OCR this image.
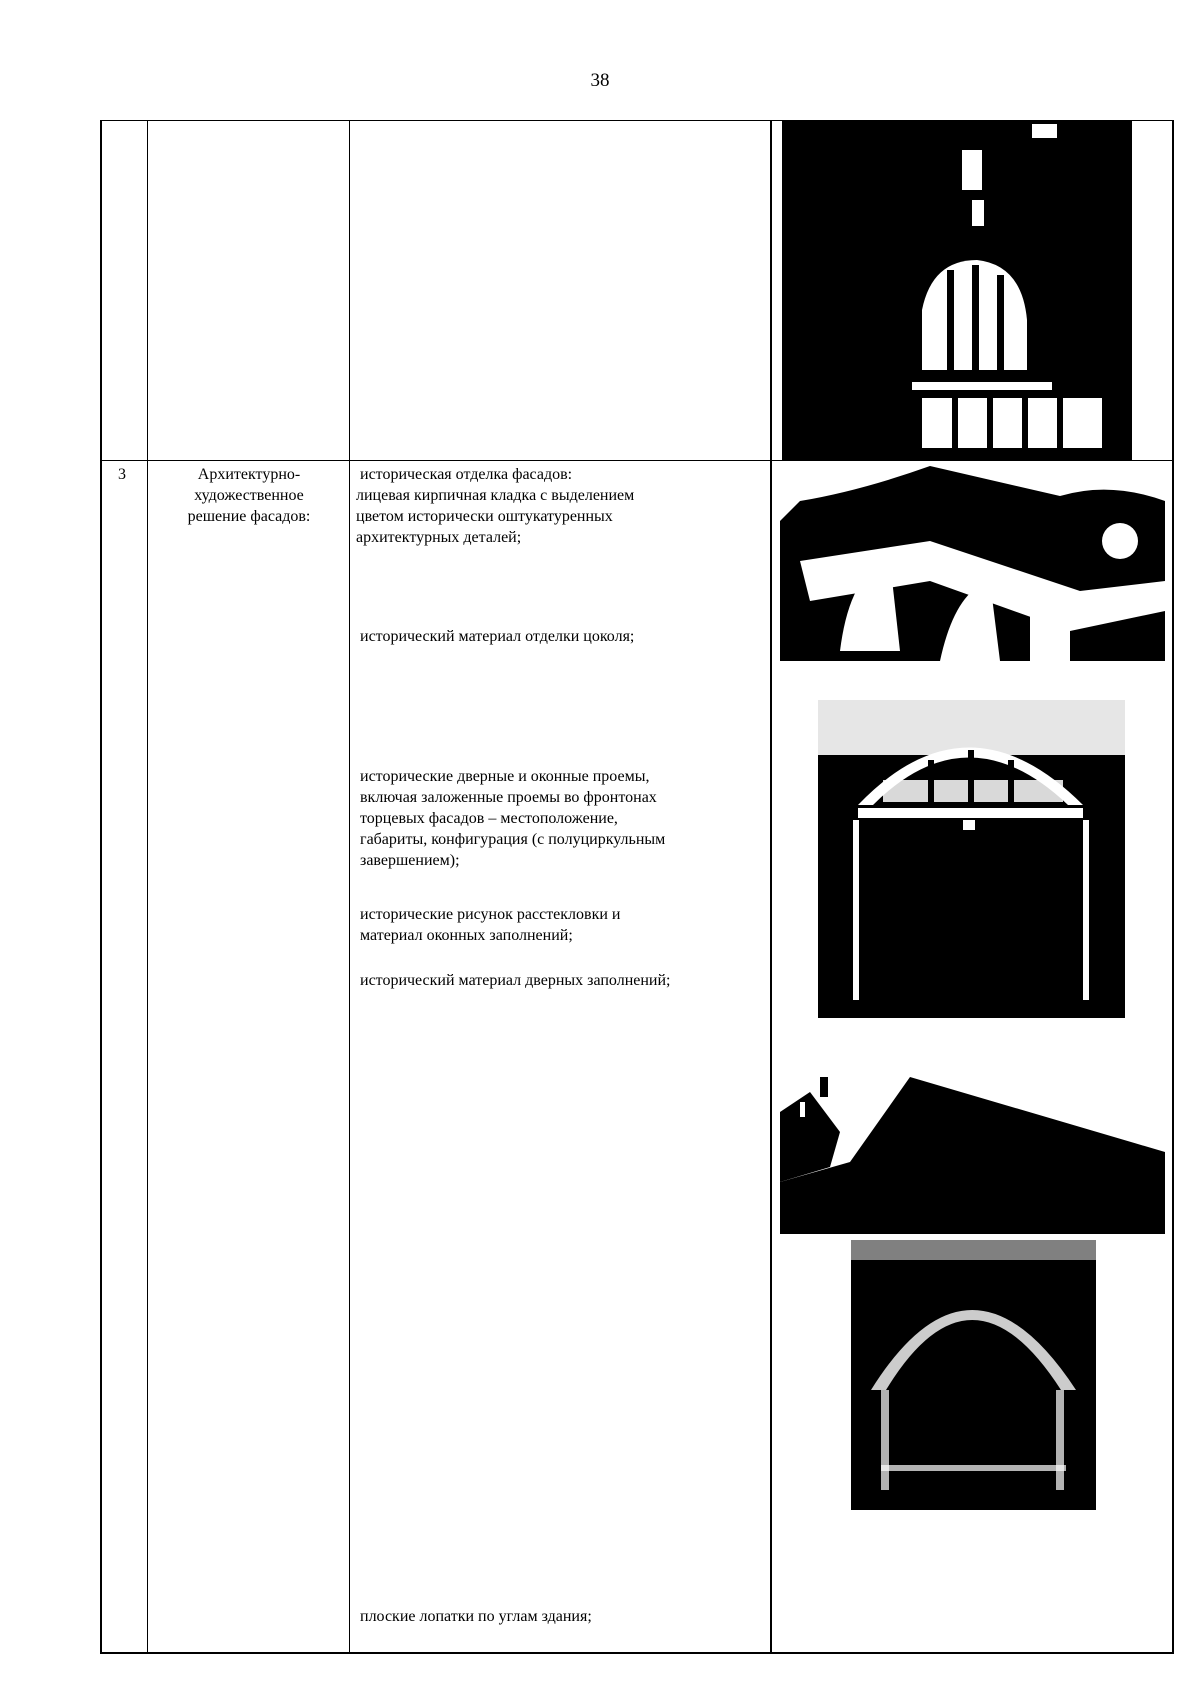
38
3	Архитектурно-
художественное
решение фасадов:
историческая отделка фасадов:
лицевая кирпичная кладка с выделением
цветом исторически оштукатуренных
архитектурных деталей;
исторический материал отделки цоколя;
исторические дверные и оконные проемы,
включая заложенные проемы во фронтонах
торцевых фасадов – местоположение,
габариты, конфигурация (с полуциркульным
завершением);
исторические рисунок расстекловки и
материал оконных заполнений;
исторический материал дверных заполнений;
плоские лопатки по углам здания;
